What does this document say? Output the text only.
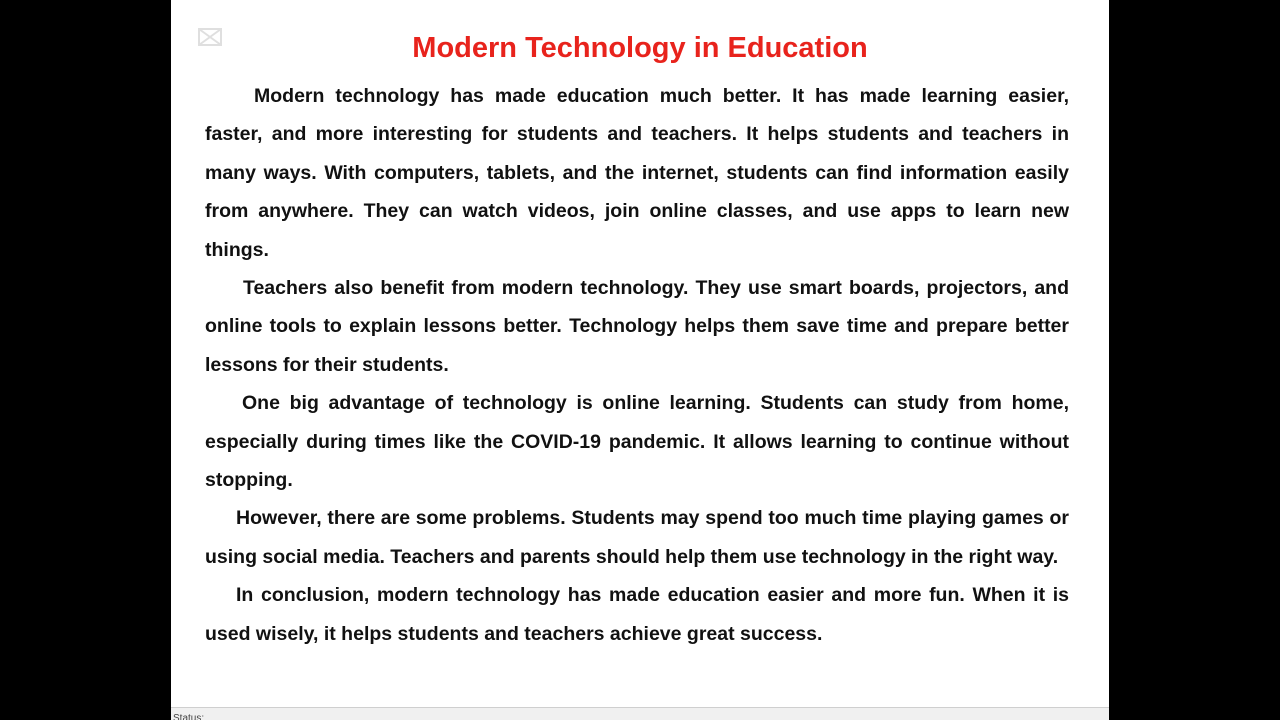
Modern Technology in Education

Modern technology has made education much better. It has made learning easier, faster, and more interesting for students and teachers. It helps students and teachers in many ways. With computers, tablets, and the internet, students can find information easily from anywhere. They can watch videos, join online classes, and use apps to learn new things.

Teachers also benefit from modern technology. They use smart boards, projectors, and online tools to explain lessons better. Technology helps them save time and prepare better lessons for their students.

One big advantage of technology is online learning. Students can study from home, especially during times like the COVID-19 pandemic. It allows learning to continue without stopping.

However, there are some problems. Students may spend too much time playing games or using social media. Teachers and parents should help them use technology in the right way.

In conclusion, modern technology has made education easier and more fun. When it is used wisely, it helps students and teachers achieve great success.

Status:
